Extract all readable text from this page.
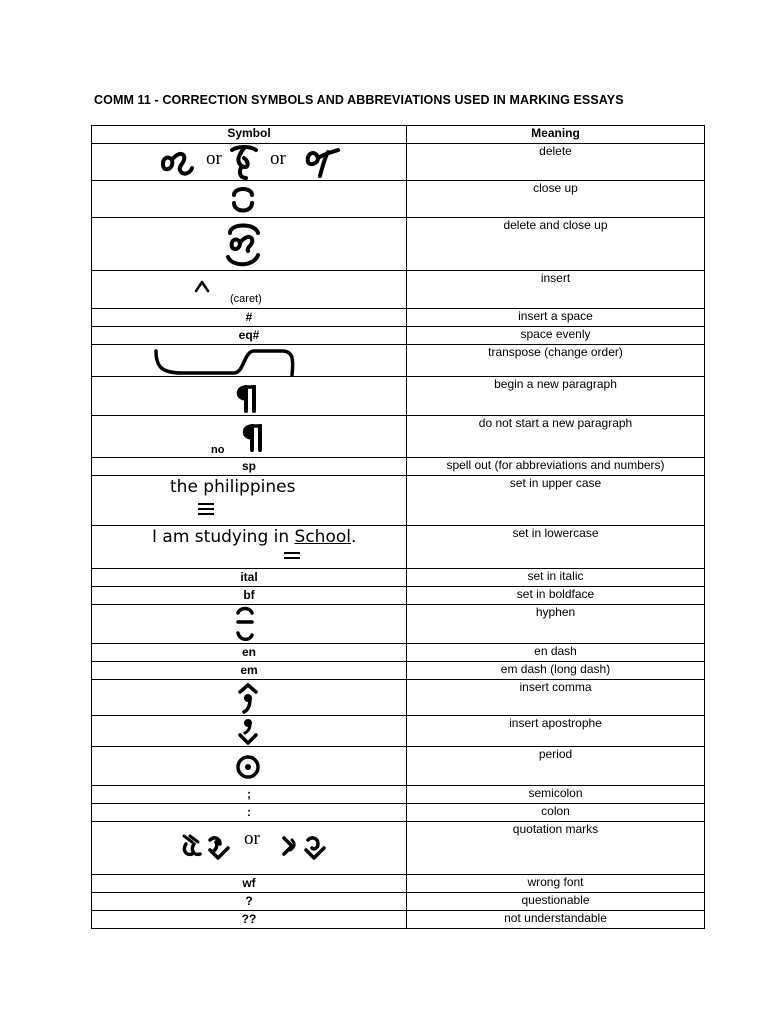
COMM 11 - CORRECTION SYMBOLS AND ABBREVIATIONS USED IN MARKING ESSAYS
Symbol	Meaning

or or	delete

	close up

	delete and close up

(caret)	insert

#	insert a space

eq#	space evenly

	transpose (change order)

	begin a new paragraph

no	do not start a new paragraph

sp	spell out (for abbreviations and numbers)

the philippines	set in upper case

I am studying in School.	set in lowercase

ital	set in italic

bf	set in boldface

	hyphen

en	en dash

em	em dash (long dash)

	insert comma

	insert apostrophe

	period

;	semicolon

:	colon

or	quotation marks

wf	wrong font

?	questionable

??	not understandable
